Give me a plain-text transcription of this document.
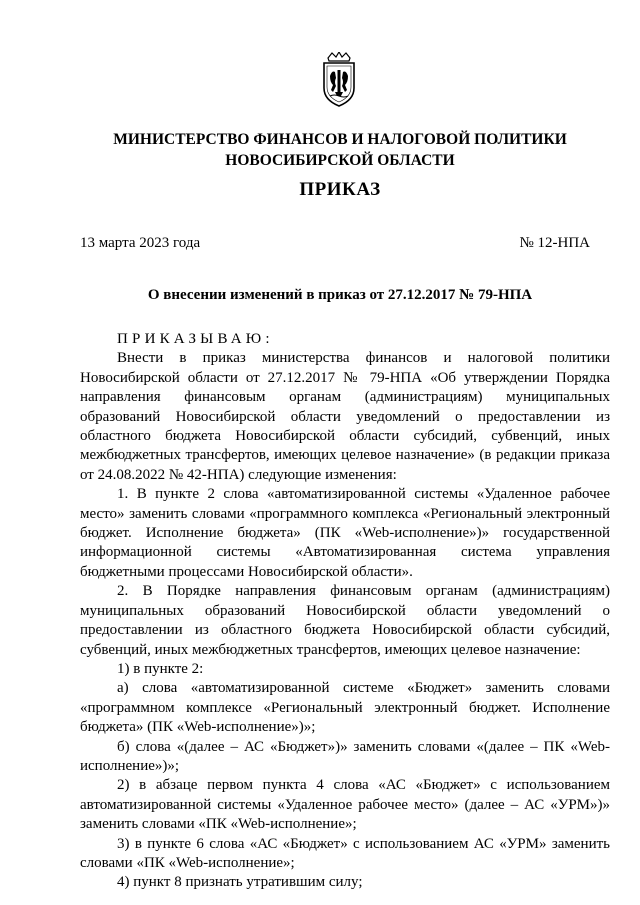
МИНИСТЕРСТВО ФИНАНСОВ И НАЛОГОВОЙ ПОЛИТИКИ
НОВОСИБИРСКОЙ ОБЛАСТИ
ПРИКАЗ
13 марта 2023 года	№ 12-НПА
О внесении изменений в приказ от 27.12.2017 № 79-НПА

ПРИКАЗЫВАЮ:

Внести в приказ министерства финансов и налоговой политики Новосибирской области от 27.12.2017 № 79-НПА «Об утверждении Порядка направления финансовым органам (администрациям) муниципальных образований Новосибирской области уведомлений о предоставлении из областного бюджета Новосибирской области субсидий, субвенций, иных межбюджетных трансфертов, имеющих целевое назначение» (в редакции приказа от 24.08.2022 № 42-НПА) следующие изменения:

1. В пункте 2 слова «автоматизированной системы «Удаленное рабочее место» заменить словами «программного комплекса «Региональный электронный бюджет. Исполнение бюджета» (ПК «Web-исполнение»)» государственной информационной системы «Автоматизированная система управления бюджетными процессами Новосибирской области».

2. В Порядке направления финансовым органам (администрациям) муниципальных образований Новосибирской области уведомлений о предоставлении из областного бюджета Новосибирской области субсидий, субвенций, иных межбюджетных трансфертов, имеющих целевое назначение:

1) в пункте 2:

а) слова «автоматизированной системе «Бюджет» заменить словами «программном комплексе «Региональный электронный бюджет. Исполнение бюджета» (ПК «Web-исполнение»)»;

б) слова «(далее – АС «Бюджет»)» заменить словами «(далее – ПК «Web-исполнение»)»;

2) в абзаце первом пункта 4 слова «АС «Бюджет» с использованием автоматизированной системы «Удаленное рабочее место» (далее – АС «УРМ»)» заменить словами «ПК «Web-исполнение»;

3) в пункте 6 слова «АС «Бюджет» с использованием АС «УРМ» заменить словами «ПК «Web-исполнение»;

4) пункт 8 признать утратившим силу;
